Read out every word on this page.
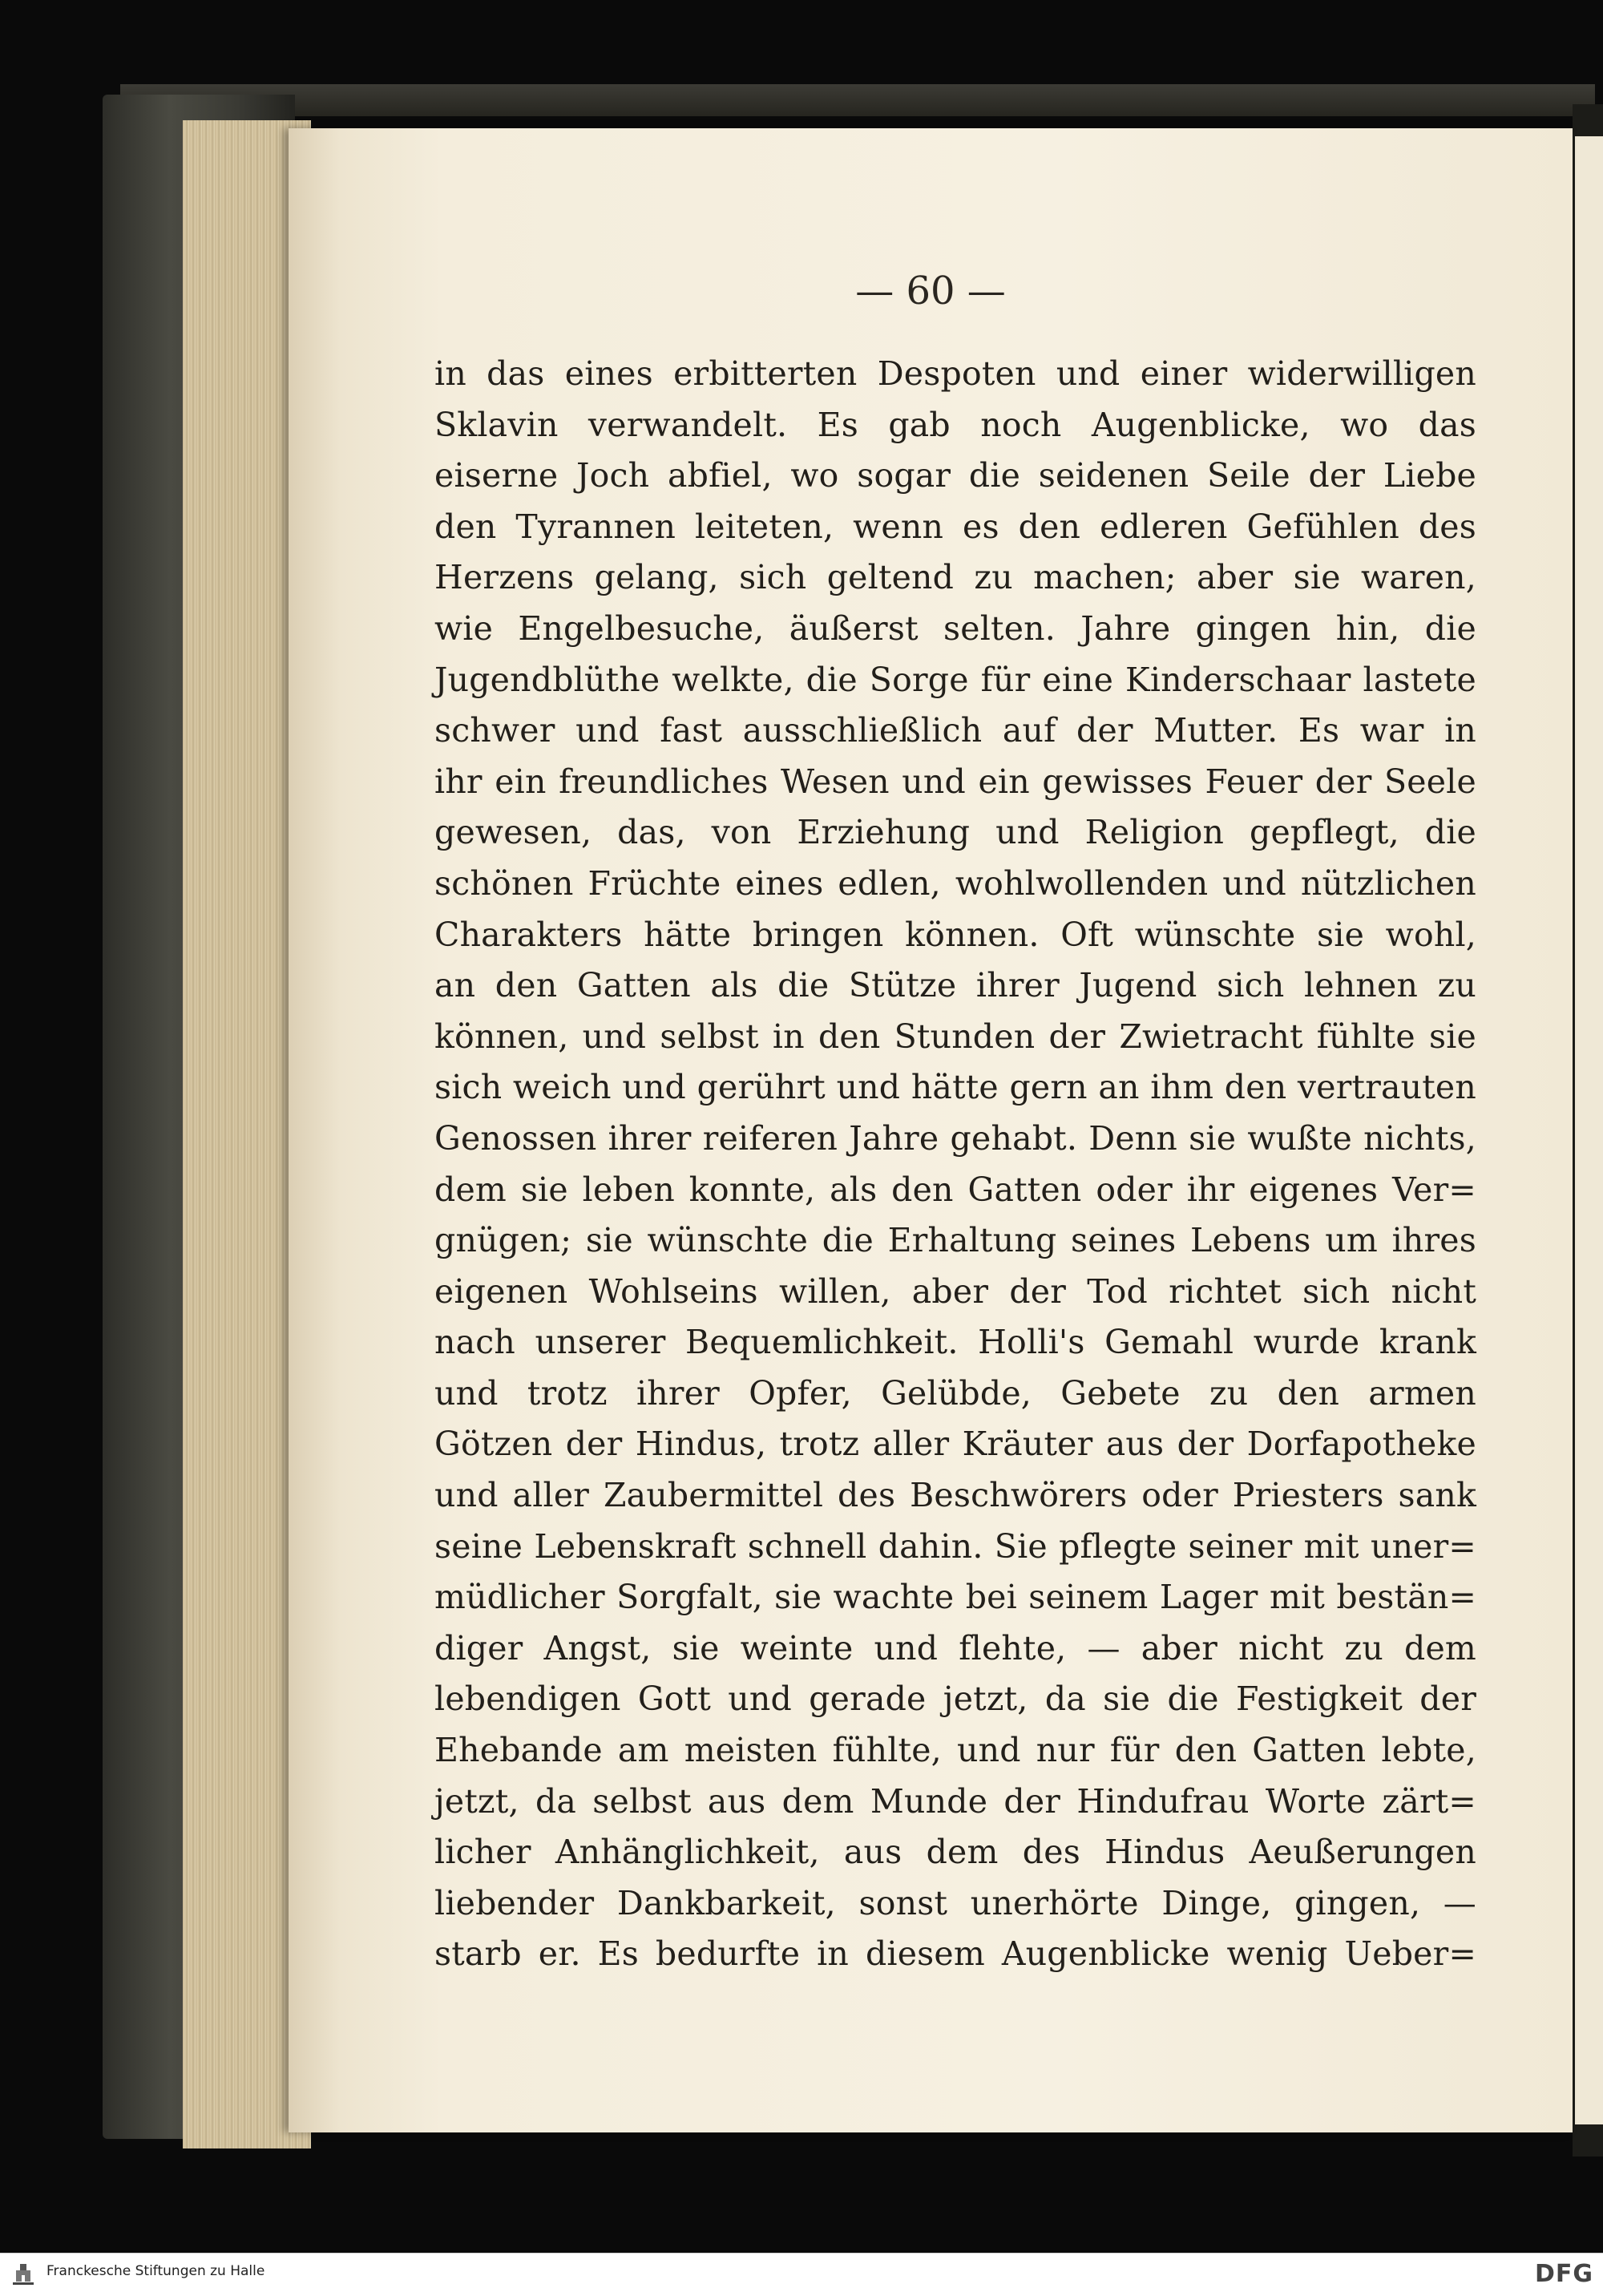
— 60 —
in das eines erbitterten Despoten und einer widerwilligen
Sklavin verwandelt. Es gab noch Augenblicke, wo das
eiserne Joch abfiel, wo sogar die seidenen Seile der Liebe
den Tyrannen leiteten, wenn es den edleren Gefühlen des
Herzens gelang, sich geltend zu machen; aber sie waren,
wie Engelbesuche, äußerst selten. Jahre gingen hin, die
Jugendblüthe welkte, die Sorge für eine Kinderschaar lastete
schwer und fast ausschließlich auf der Mutter. Es war in
ihr ein freundliches Wesen und ein gewisses Feuer der Seele
gewesen, das, von Erziehung und Religion gepflegt, die
schönen Früchte eines edlen, wohlwollenden und nützlichen
Charakters hätte bringen können. Oft wünschte sie wohl,
an den Gatten als die Stütze ihrer Jugend sich lehnen zu
können, und selbst in den Stunden der Zwietracht fühlte sie
sich weich und gerührt und hätte gern an ihm den vertrauten
Genossen ihrer reiferen Jahre gehabt. Denn sie wußte nichts,
dem sie leben konnte, als den Gatten oder ihr eigenes Ver=
gnügen; sie wünschte die Erhaltung seines Lebens um ihres
eigenen Wohlseins willen, aber der Tod richtet sich nicht
nach unserer Bequemlichkeit. Holli's Gemahl wurde krank
und trotz ihrer Opfer, Gelübde, Gebete zu den armen
Götzen der Hindus, trotz aller Kräuter aus der Dorfapotheke
und aller Zaubermittel des Beschwörers oder Priesters sank
seine Lebenskraft schnell dahin. Sie pflegte seiner mit uner=
müdlicher Sorgfalt, sie wachte bei seinem Lager mit bestän=
diger Angst, sie weinte und flehte, — aber nicht zu dem
lebendigen Gott und gerade jetzt, da sie die Festigkeit der
Ehebande am meisten fühlte, und nur für den Gatten lebte,
jetzt, da selbst aus dem Munde der Hindufrau Worte zärt=
licher Anhänglichkeit, aus dem des Hindus Aeußerungen
liebender Dankbarkeit, sonst unerhörte Dinge, gingen, —
starb er. Es bedurfte in diesem Augenblicke wenig Ueber=
Franckesche Stiftungen zu Halle	DFG
